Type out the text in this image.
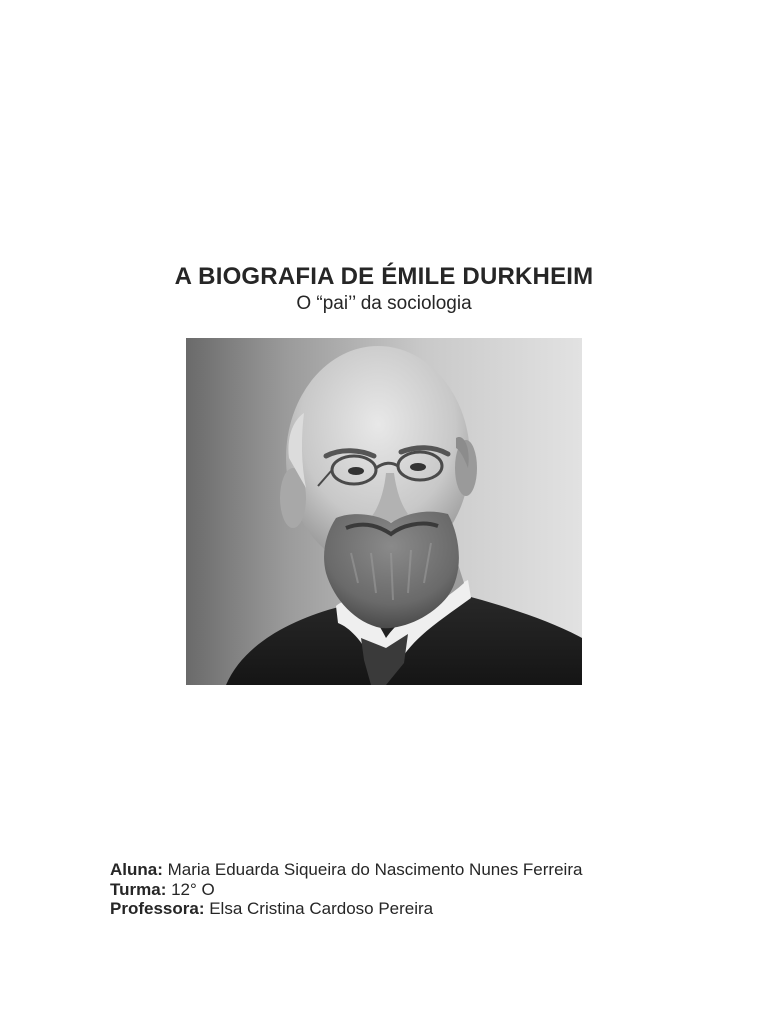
A BIOGRAFIA DE ÉMILE DURKHEIM
O “pai’’ da sociologia
Aluna: Maria Eduarda Siqueira do Nascimento Nunes Ferreira
Turma: 12° O
Professora: Elsa Cristina Cardoso Pereira
